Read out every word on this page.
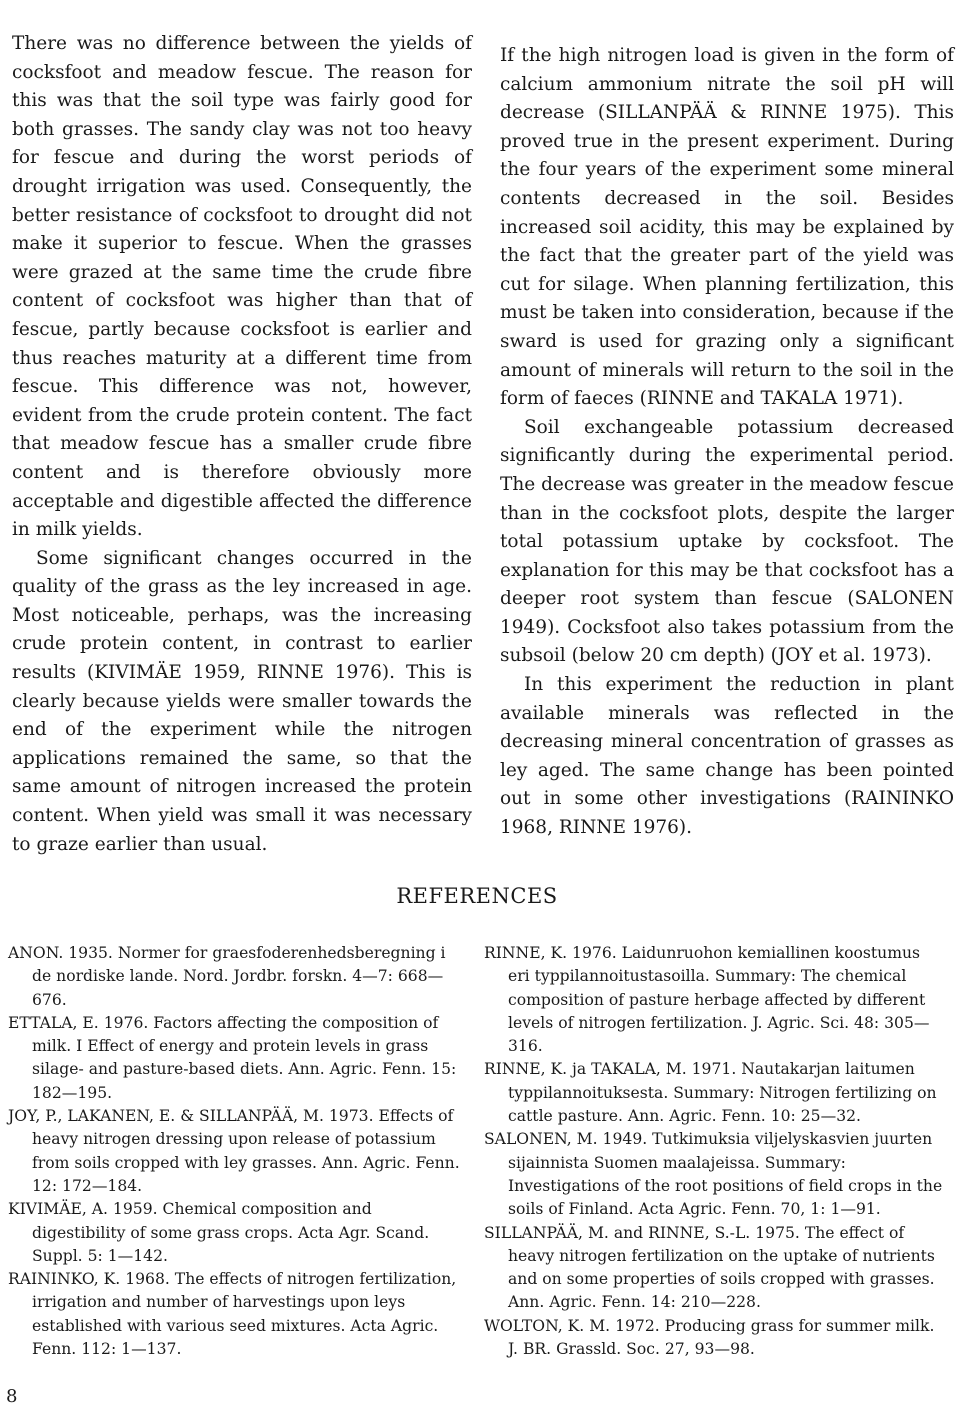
There was no difference between the yields of cocksfoot and meadow fescue. The reason for this was that the soil type was fairly good for both grasses. The sandy clay was not too heavy for fescue and during the worst periods of drought irrigation was used. Consequently, the better resistance of cocksfoot to drought did not make it superior to fescue. When the grasses were grazed at the same time the crude fibre content of cocksfoot was higher than that of fescue, partly because cocksfoot is earlier and thus reaches maturity at a different time from fescue. This difference was not, however, evident from the crude protein content. The fact that meadow fescue has a smaller crude fibre content and is therefore obviously more acceptable and digestible affected the difference in milk yields.

Some significant changes occurred in the quality of the grass as the ley increased in age. Most noticeable, perhaps, was the increasing crude protein content, in contrast to earlier results (KIVIMÄE 1959, RINNE 1976). This is clearly because yields were smaller towards the end of the experiment while the nitrogen applications remained the same, so that the same amount of nitrogen increased the protein content. When yield was small it was necessary to graze earlier than usual.

If the high nitrogen load is given in the form of calcium ammonium nitrate the soil pH will decrease (SILLANPÄÄ & RINNE 1975). This proved true in the present experiment. During the four years of the experiment some mineral contents decreased in the soil. Besides increased soil acidity, this may be explained by the fact that the greater part of the yield was cut for silage. When planning fertilization, this must be taken into consideration, because if the sward is used for grazing only a significant amount of minerals will return to the soil in the form of faeces (RINNE and TAKALA 1971).

Soil exchangeable potassium decreased significantly during the experimental period. The decrease was greater in the meadow fescue than in the cocksfoot plots, despite the larger total potassium uptake by cocksfoot. The explanation for this may be that cocksfoot has a deeper root system than fescue (SALONEN 1949). Cocksfoot also takes potassium from the subsoil (below 20 cm depth) (JOY et al. 1973).

In this experiment the reduction in plant available minerals was reflected in the decreasing mineral concentration of grasses as ley aged. The same change has been pointed out in some other investigations (RAININKO 1968, RINNE 1976).

REFERENCES

ANON. 1935. Normer for graesfoderenhedsberegning i de nordiske lande. Nord. Jordbr. forskn. 4—7: 668—676.

ETTALA, E. 1976. Factors affecting the composition of milk. I Effect of energy and protein levels in grass silage- and pasture-based diets. Ann. Agric. Fenn. 15: 182—195.

JOY, P., LAKANEN, E. & SILLANPÄÄ, M. 1973. Effects of heavy nitrogen dressing upon release of potassium from soils cropped with ley grasses. Ann. Agric. Fenn. 12: 172—184.

KIVIMÄE, A. 1959. Chemical composition and digestibility of some grass crops. Acta Agr. Scand. Suppl. 5: 1—142.

RAININKO, K. 1968. The effects of nitrogen fertilization, irrigation and number of harvestings upon leys established with various seed mixtures. Acta Agric. Fenn. 112: 1—137.

RINNE, K. 1976. Laidunruohon kemiallinen koostumus eri typpilannoitustasoilla. Summary: The chemical composition of pasture herbage affected by different levels of nitrogen fertilization. J. Agric. Sci. 48: 305—316.

RINNE, K. ja TAKALA, M. 1971. Nautakarjan laitumen typpilannoituksesta. Summary: Nitrogen fertilizing on cattle pasture. Ann. Agric. Fenn. 10: 25—32.

SALONEN, M. 1949. Tutkimuksia viljelyskasvien juurten sijainnista Suomen maalajeissa. Summary: Investigations of the root positions of field crops in the soils of Finland. Acta Agric. Fenn. 70, 1: 1—91.

SILLANPÄÄ, M. and RINNE, S.-L. 1975. The effect of heavy nitrogen fertilization on the uptake of nutrients and on some properties of soils cropped with grasses. Ann. Agric. Fenn. 14: 210—228.

WOLTON, K. M. 1972. Producing grass for summer milk. J. BR. Grassld. Soc. 27, 93—98.

8
